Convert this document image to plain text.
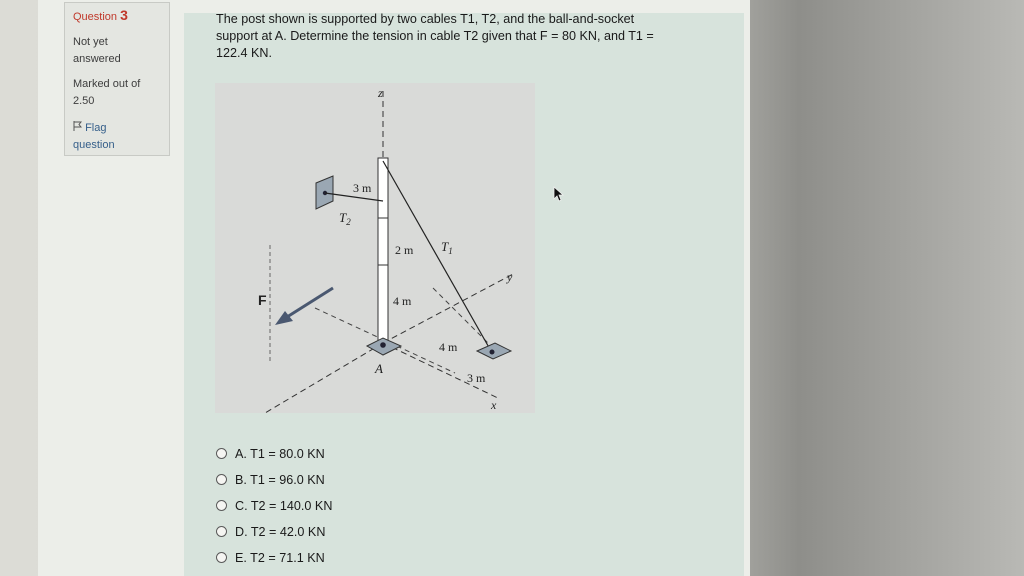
Question 3
Not yet
answered
Marked out of
2.50
Flag
question
The post shown is supported by two cables T1, T2, and the ball-and-socket
support at A. Determine the tension in cable T2 given that F = 80 KN, and T1 =
122.4 KN.
z
y
x
3 m
$T_2$
2 m $T_1$
F	4 m
4 m
A
3 m
A. T1 = 80.0 KN
B. T1 = 96.0 KN
C. T2 = 140.0 KN
D. T2 = 42.0 KN
E. T2 = 71.1 KN
